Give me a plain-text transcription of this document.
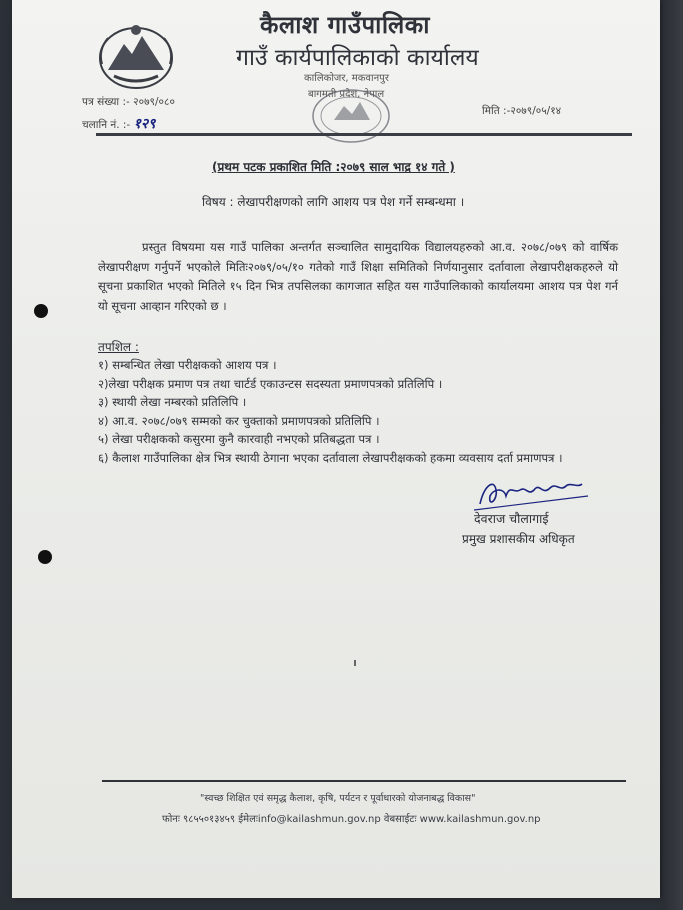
कैलाश गाउँपालिका
गाउँ कार्यपालिकाको कार्यालय
कालिकोजर, मकवानपुर
बागमती प्रदेश, नेपाल
पत्र संख्या :- २०७९/०८०
चलानि नं. :- १२९
मिति :-२०७९/०५/१४
(प्रथम पटक प्रकाशित मिति :२०७९ साल भाद्र १४ गते )
विषय : लेखापरीक्षणको लागि आशय पत्र पेश गर्ने सम्बन्धमा ।
प्रस्तुत विषयमा यस गाउँ पालिका अन्तर्गत सञ्चालित सामुदायिक विद्यालयहरुको आ.व. २०७८/०७९ को वार्षिक लेखापरीक्षण गर्नुपर्ने भएकोले मितिः२०७९/०५/१० गतेको गाउँ शिक्षा समितिको निर्णयानुसार दर्तावाला लेखापरीक्षकहरुले यो सूचना प्रकाशित भएको मितिले १५ दिन भित्र तपसिलका कागजात सहित यस गाउँपालिकाको कार्यालयमा आशय पत्र पेश गर्न यो सूचना आव्हान गरिएको छ ।
तपशिल :
१) सम्बन्धित लेखा परीक्षकको आशय पत्र ।
२)लेखा परीक्षक प्रमाण पत्र तथा चार्टर्ड एकाउन्टस सदस्यता प्रमाणपत्रको प्रतिलिपि ।
३) स्थायी लेखा नम्बरको प्रतिलिपि ।
४) आ.व. २०७८/०७९ सम्मको कर चुक्ताको प्रमाणपत्रको प्रतिलिपि ।
५) लेखा परीक्षकको कसुरमा कुनै कारवाही नभएको प्रतिबद्धता पत्र ।
६) कैलाश गाउँपालिका क्षेत्र भित्र स्थायी ठेगाना भएका दर्तावाला लेखापरीक्षकको हकमा व्यवसाय दर्ता प्रमाणपत्र ।
देवराज चौलागाई
प्रमुख प्रशासकीय अधिकृत
"स्वच्छ शिक्षित एवं समृद्ध कैलाश, कृषि, पर्यटन र पूर्वाधारको योजनाबद्ध विकास"
फोनः ९८५५०१३४५९ ईमेलःinfo@kailashmun.gov.np वेबसाईटः www.kailashmun.gov.np
